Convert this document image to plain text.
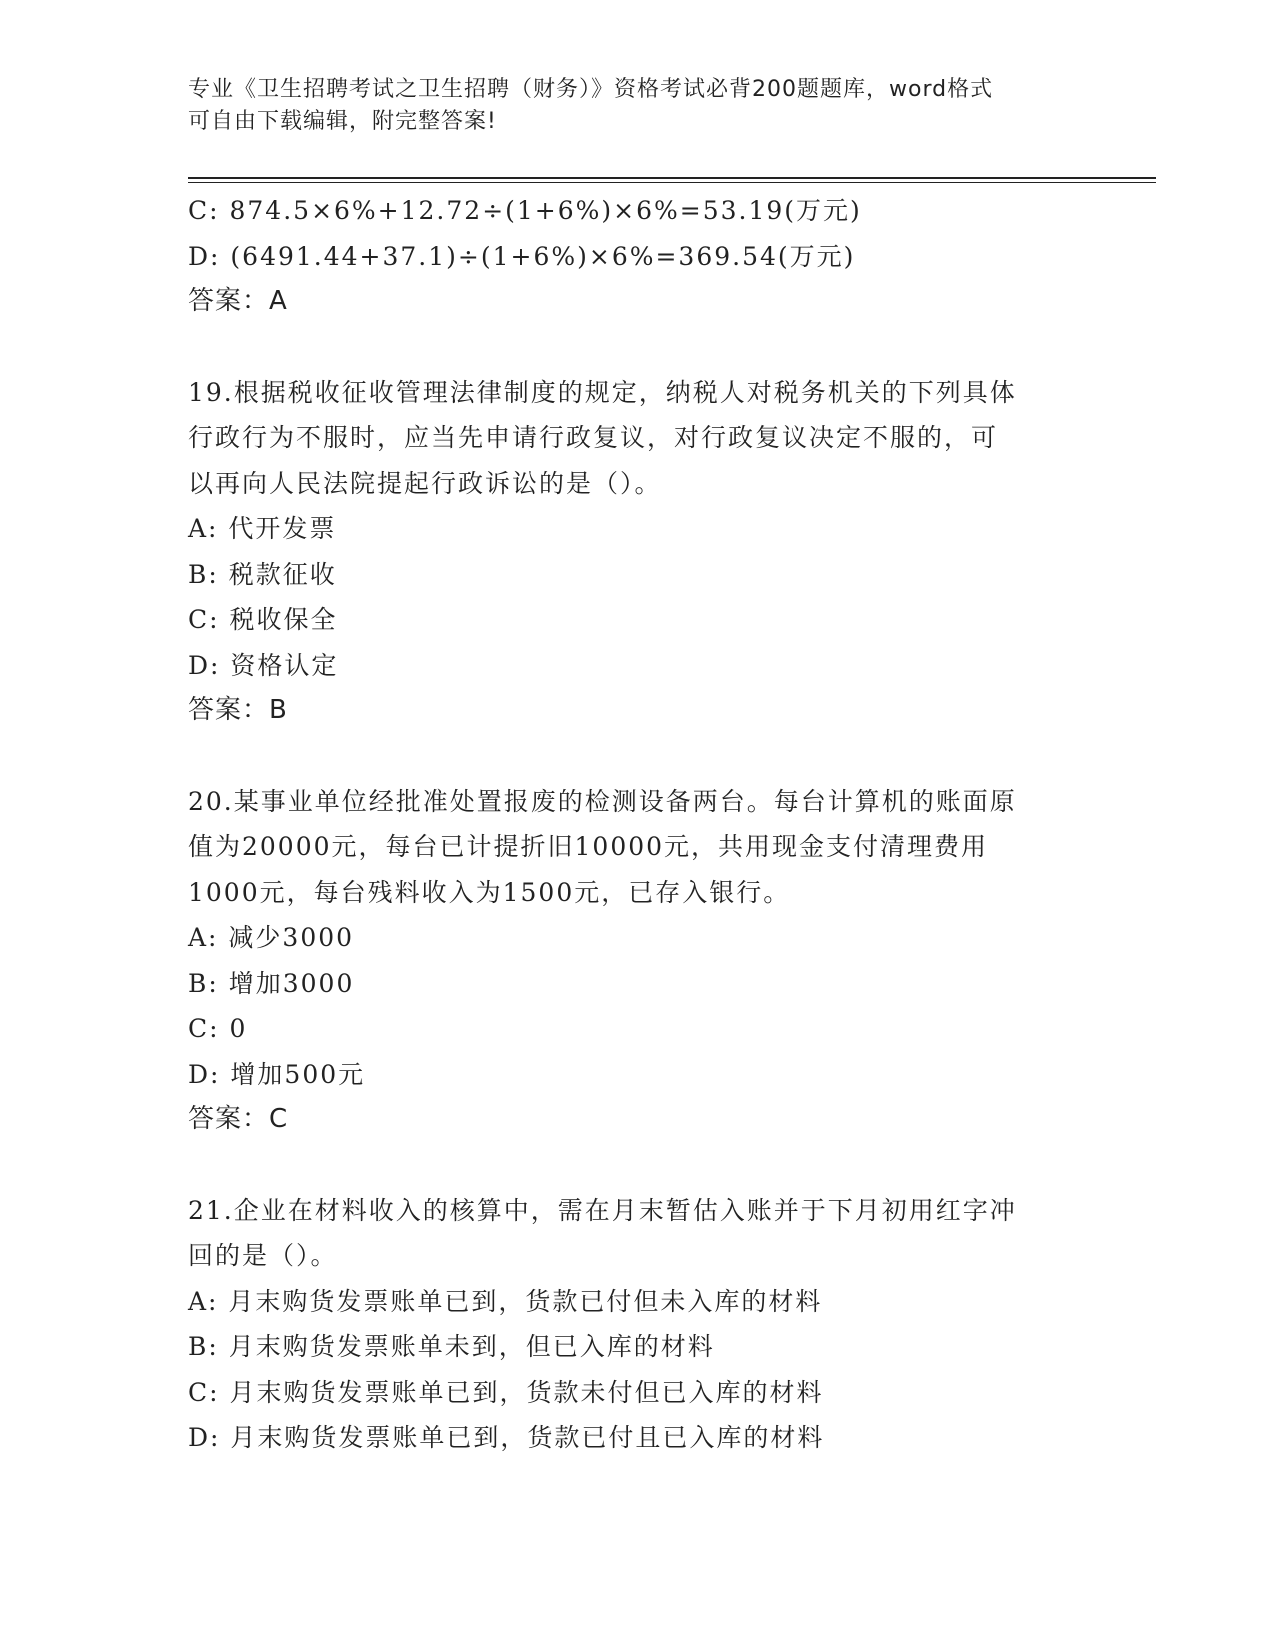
专业《卫生招聘考试之卫生招聘（财务）》资格考试必背200题题库，word格式
可自由下载编辑，附完整答案!
C: 874.5×6%+12.72÷(1+6%)×6%=53.19(万元)
D: (6491.44+37.1)÷(1+6%)×6%=369.54(万元)
答案：A
19.根据税收征收管理法律制度的规定，纳税人对税务机关的下列具体
行政行为不服时，应当先申请行政复议，对行政复议决定不服的，可
以再向人民法院提起行政诉讼的是（）。
A: 代开发票
B: 税款征收
C: 税收保全
D: 资格认定
答案：B
20.某事业单位经批准处置报废的检测设备两台。每台计算机的账面原
值为20000元，每台已计提折旧10000元，共用现金支付清理费用
1000元，每台残料收入为1500元，已存入银行。
A: 减少3000
B: 增加3000
C: 0
D: 增加500元
答案：C
21.企业在材料收入的核算中，需在月末暂估入账并于下月初用红字冲
回的是（）。
A: 月末购货发票账单已到，货款已付但未入库的材料
B: 月末购货发票账单未到，但已入库的材料
C: 月末购货发票账单已到，货款未付但已入库的材料
D: 月末购货发票账单已到，货款已付且已入库的材料
